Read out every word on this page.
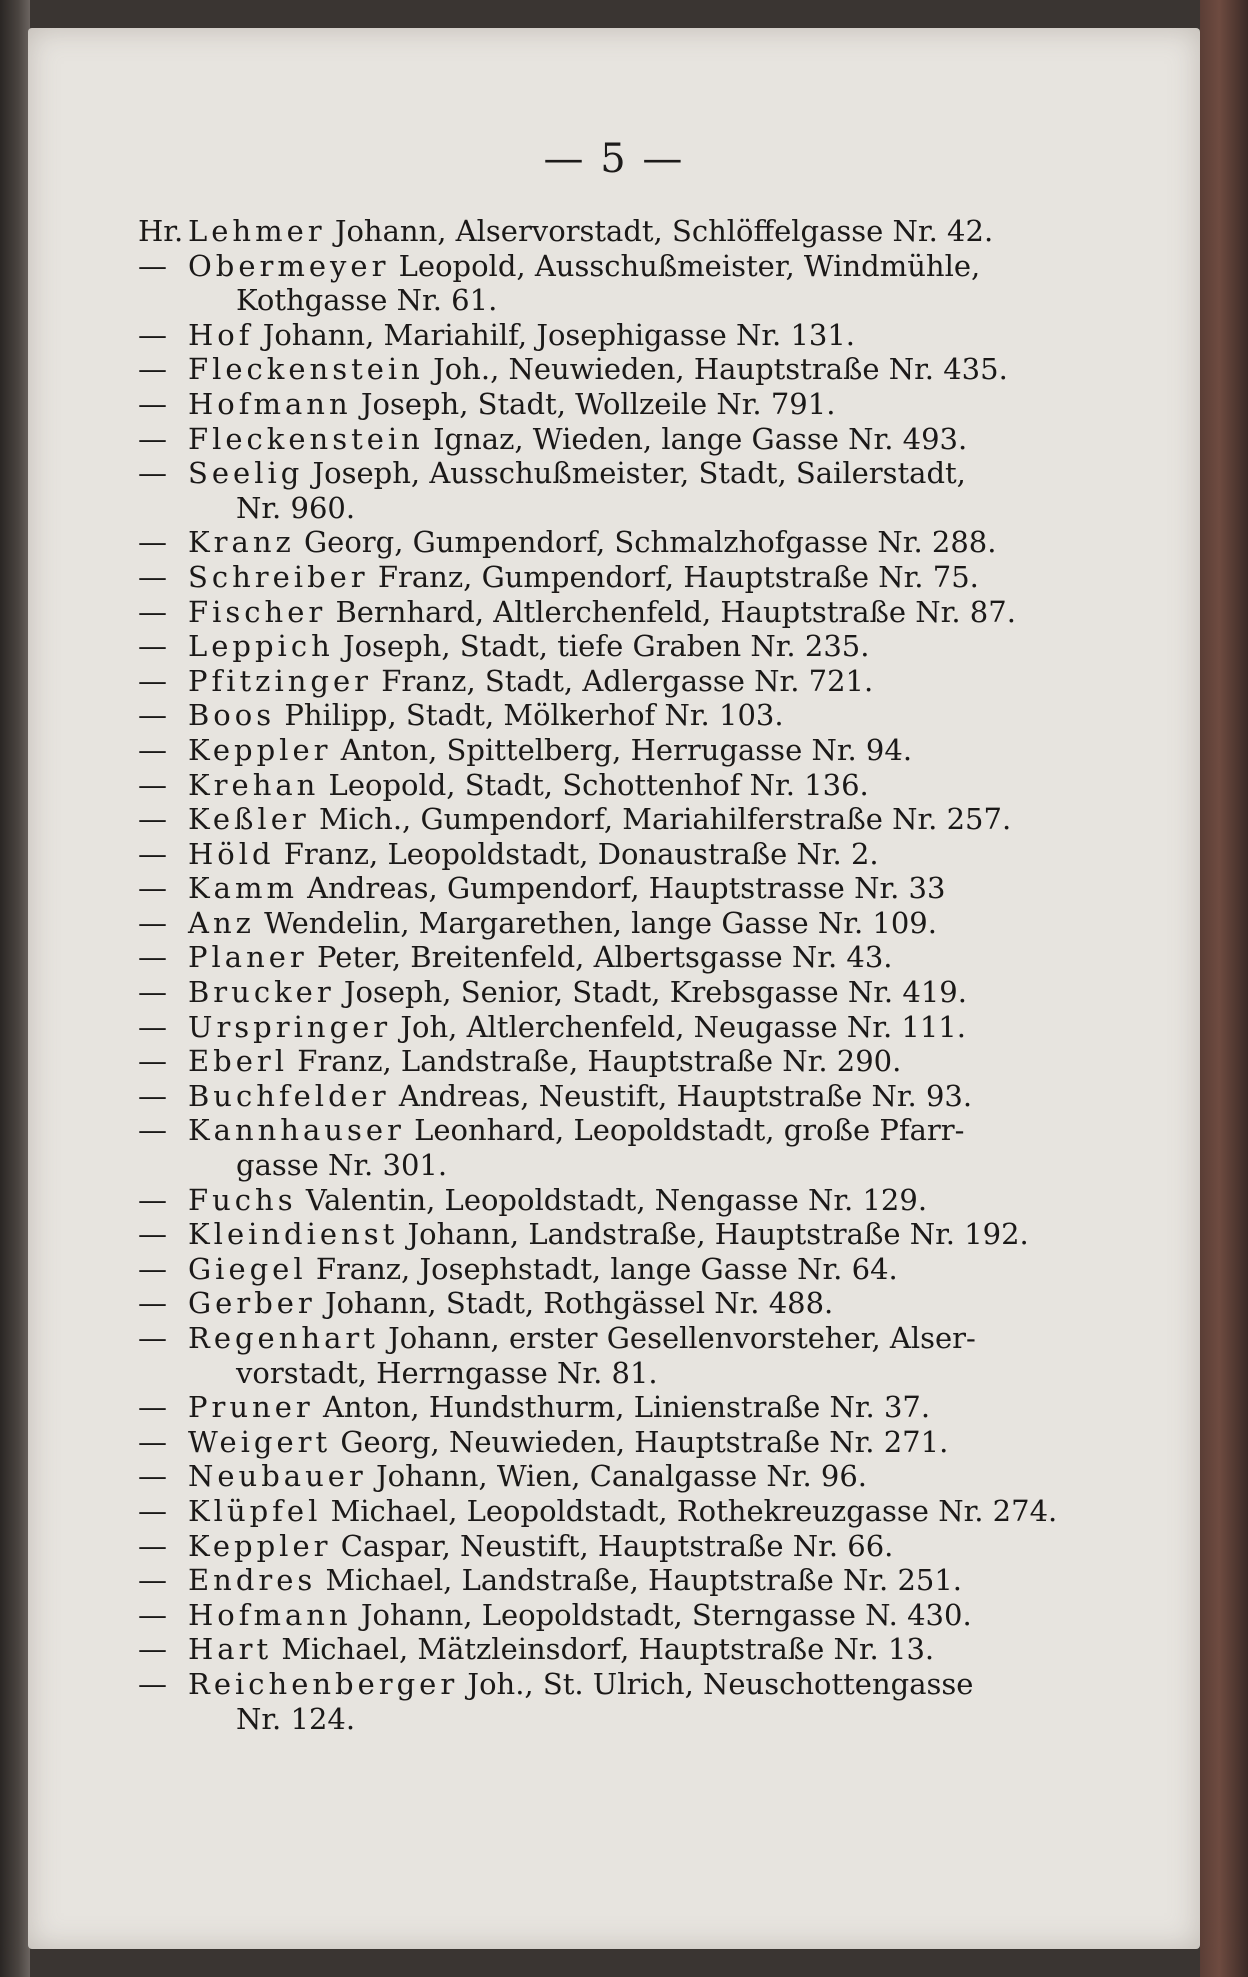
— 5 —
Hr. Lehmer Johann, Alservorstadt, Schlöffelgasse Nr. 42.
— Obermeyer Leopold, Ausschußmeister, Windmühle,
Kothgasse Nr. 61.
— Hof Johann, Mariahilf, Josephigasse Nr. 131.
— Fleckenstein Joh., Neuwieden, Hauptstraße Nr. 435.
— Hofmann Joseph, Stadt, Wollzeile Nr. 791.
— Fleckenstein Ignaz, Wieden, lange Gasse Nr. 493.
— Seelig Joseph, Ausschußmeister, Stadt, Sailerstadt,
Nr. 960.
— Kranz Georg, Gumpendorf, Schmalzhofgasse Nr. 288.
— Schreiber Franz, Gumpendorf, Hauptstraße Nr. 75.
— Fischer Bernhard, Altlerchenfeld, Hauptstraße Nr. 87.
— Leppich Joseph, Stadt, tiefe Graben Nr. 235.
— Pfitzinger Franz, Stadt, Adlergasse Nr. 721.
— Boos Philipp, Stadt, Mölkerhof Nr. 103.
— Keppler Anton, Spittelberg, Herrugasse Nr. 94.
— Krehan Leopold, Stadt, Schottenhof Nr. 136.
— Keßler Mich., Gumpendorf, Mariahilferstraße Nr. 257.
— Höld Franz, Leopoldstadt, Donaustraße Nr. 2.
— Kamm Andreas, Gumpendorf, Hauptstrasse Nr. 33
— Anz Wendelin, Margarethen, lange Gasse Nr. 109.
— Planer Peter, Breitenfeld, Albertsgasse Nr. 43.
— Brucker Joseph, Senior, Stadt, Krebsgasse Nr. 419.
— Urspringer Joh, Altlerchenfeld, Neugasse Nr. 111.
— Eberl Franz, Landstraße, Hauptstraße Nr. 290.
— Buchfelder Andreas, Neustift, Hauptstraße Nr. 93.
— Kannhauser Leonhard, Leopoldstadt, große Pfarr-
gasse Nr. 301.
— Fuchs Valentin, Leopoldstadt, Nengasse Nr. 129.
— Kleindienst Johann, Landstraße, Hauptstraße Nr. 192.
— Giegel Franz, Josephstadt, lange Gasse Nr. 64.
— Gerber Johann, Stadt, Rothgässel Nr. 488.
— Regenhart Johann, erster Gesellenvorsteher, Alser-
vorstadt, Herrngasse Nr. 81.
— Pruner Anton, Hundsthurm, Linienstraße Nr. 37.
— Weigert Georg, Neuwieden, Hauptstraße Nr. 271.
— Neubauer Johann, Wien, Canalgasse Nr. 96.
— Klüpfel Michael, Leopoldstadt, Rothekreuzgasse Nr. 274.
— Keppler Caspar, Neustift, Hauptstraße Nr. 66.
— Endres Michael, Landstraße, Hauptstraße Nr. 251.
— Hofmann Johann, Leopoldstadt, Sterngasse N. 430.
— Hart Michael, Mätzleinsdorf, Hauptstraße Nr. 13.
— Reichenberger Joh., St. Ulrich, Neuschottengasse
Nr. 124.
